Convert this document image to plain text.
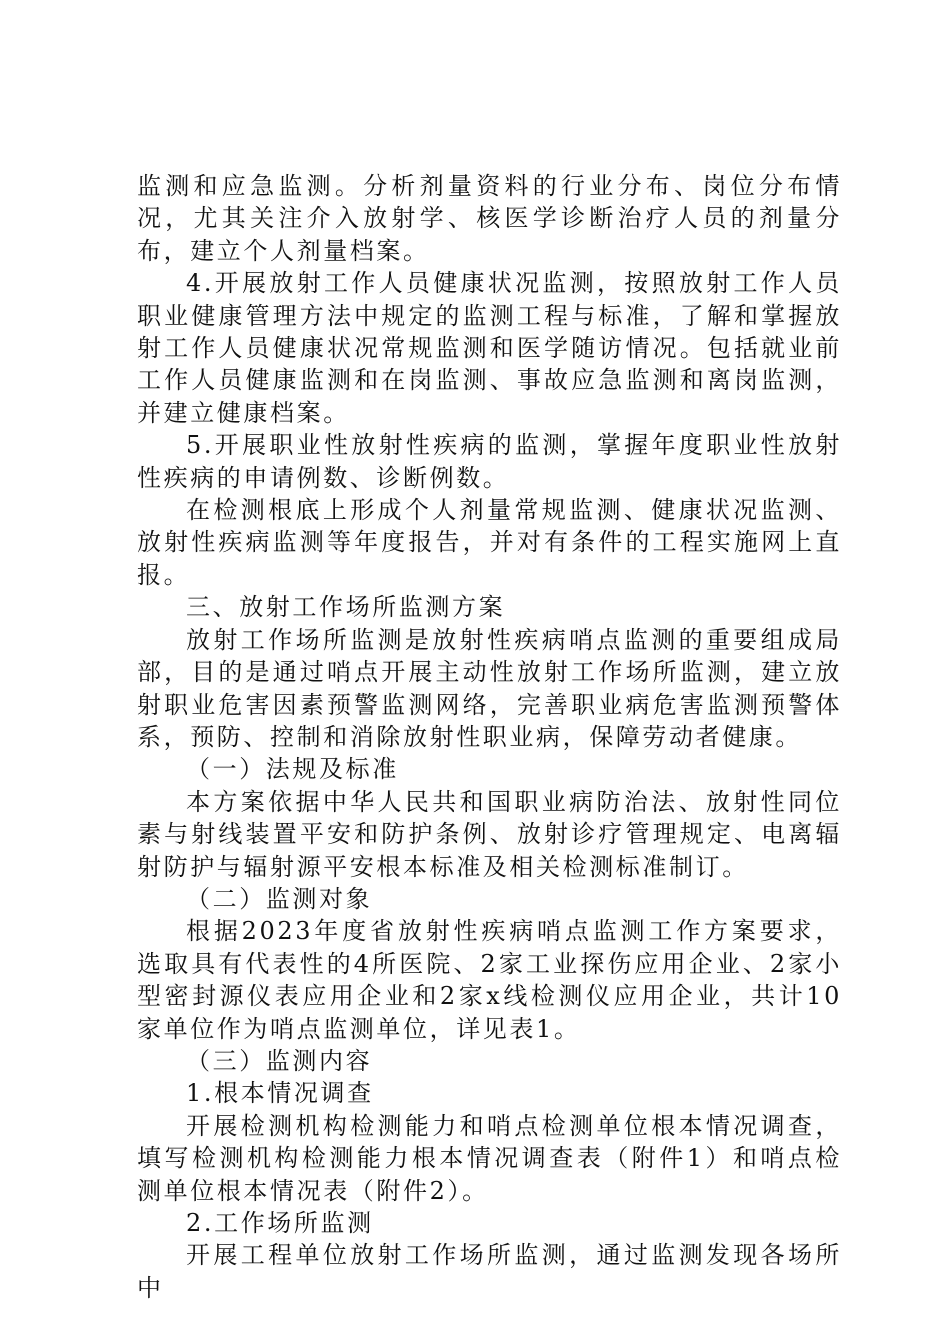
监测和应急监测。分析剂量资料的行业分布、岗位分布情况，尤其关注介入放射学、核医学诊断治疗人员的剂量分布，建立个人剂量档案。

4.开展放射工作人员健康状况监测，按照放射工作人员职业健康管理方法中规定的监测工程与标准，了解和掌握放射工作人员健康状况常规监测和医学随访情况。包括就业前工作人员健康监测和在岗监测、事故应急监测和离岗监测，并建立健康档案。

5.开展职业性放射性疾病的监测，掌握年度职业性放射性疾病的申请例数、诊断例数。

在检测根底上形成个人剂量常规监测、健康状况监测、放射性疾病监测等年度报告，并对有条件的工程实施网上直报。

三、放射工作场所监测方案

放射工作场所监测是放射性疾病哨点监测的重要组成局部，目的是通过哨点开展主动性放射工作场所监测，建立放射职业危害因素预警监测网络，完善职业病危害监测预警体系，预防、控制和消除放射性职业病，保障劳动者健康。

（一）法规及标准

本方案依据中华人民共和国职业病防治法、放射性同位素与射线装置平安和防护条例、放射诊疗管理规定、电离辐射防护与辐射源平安根本标准及相关检测标准制订。

（二）监测对象

根据2023年度省放射性疾病哨点监测工作方案要求，选取具有代表性的4所医院、2家工业探伤应用企业、2家小型密封源仪表应用企业和2家x线检测仪应用企业，共计10家单位作为哨点监测单位，详见表1。

（三）监测内容

1.根本情况调查

开展检测机构检测能力和哨点检测单位根本情况调查，填写检测机构检测能力根本情况调查表（附件1）和哨点检测单位根本情况表（附件2）。

2.工作场所监测

开展工程单位放射工作场所监测，通过监测发现各场所中
